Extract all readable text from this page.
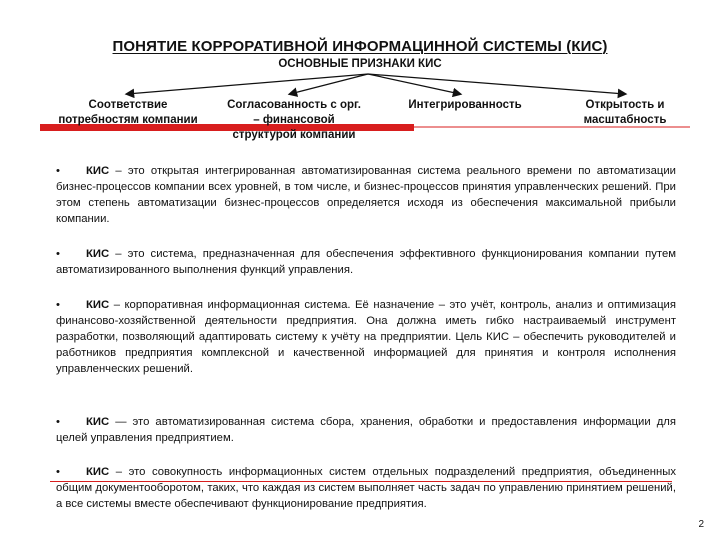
ПОНЯТИЕ КОРРОРАТИВНОЙ ИНФОРМАЦИННОЙ СИСТЕМЫ (КИС)
ОСНОВНЫЕ ПРИЗНАКИ КИС
Соответствие
потребностям компании
Согласованность с орг.
– финансовой
структурой компании
Интегрированность	Открытость и
масштабность
• КИС – это открытая интегрированная автоматизированная система реального времени по автоматизации бизнес-процессов компании всех уровней, в том числе, и бизнес-процессов принятия управленческих решений. При этом степень автоматизации бизнес-процессов определяется исходя из обеспечения максимальной прибыли компании.
• КИС – это система, предназначенная для обеспечения эффективного функционирования компании путем автоматизированного выполнения функций управления.
• КИС – корпоративная информационная система. Её назначение – это учёт, контроль, анализ и оптимизация финансово-хозяйственной деятельности предприятия. Она должна иметь гибко настраиваемый инструмент разработки, позволяющий адаптировать систему к учёту на предприятии. Цель КИС – обеспечить руководителей и работников предприятия комплексной и качественной информацией для принятия и контроля исполнения управленческих решений.
• КИС — это автоматизированная система сбора, хранения, обработки и предоставления информации для целей управления предприятием.
• КИС – это совокупность информационных систем отдельных подразделений предприятия, объединенных общим документооборотом, таких, что каждая из систем выполняет часть задач по управлению принятием решений, а все системы вместе обеспечивают функционирование предприятия.
2
